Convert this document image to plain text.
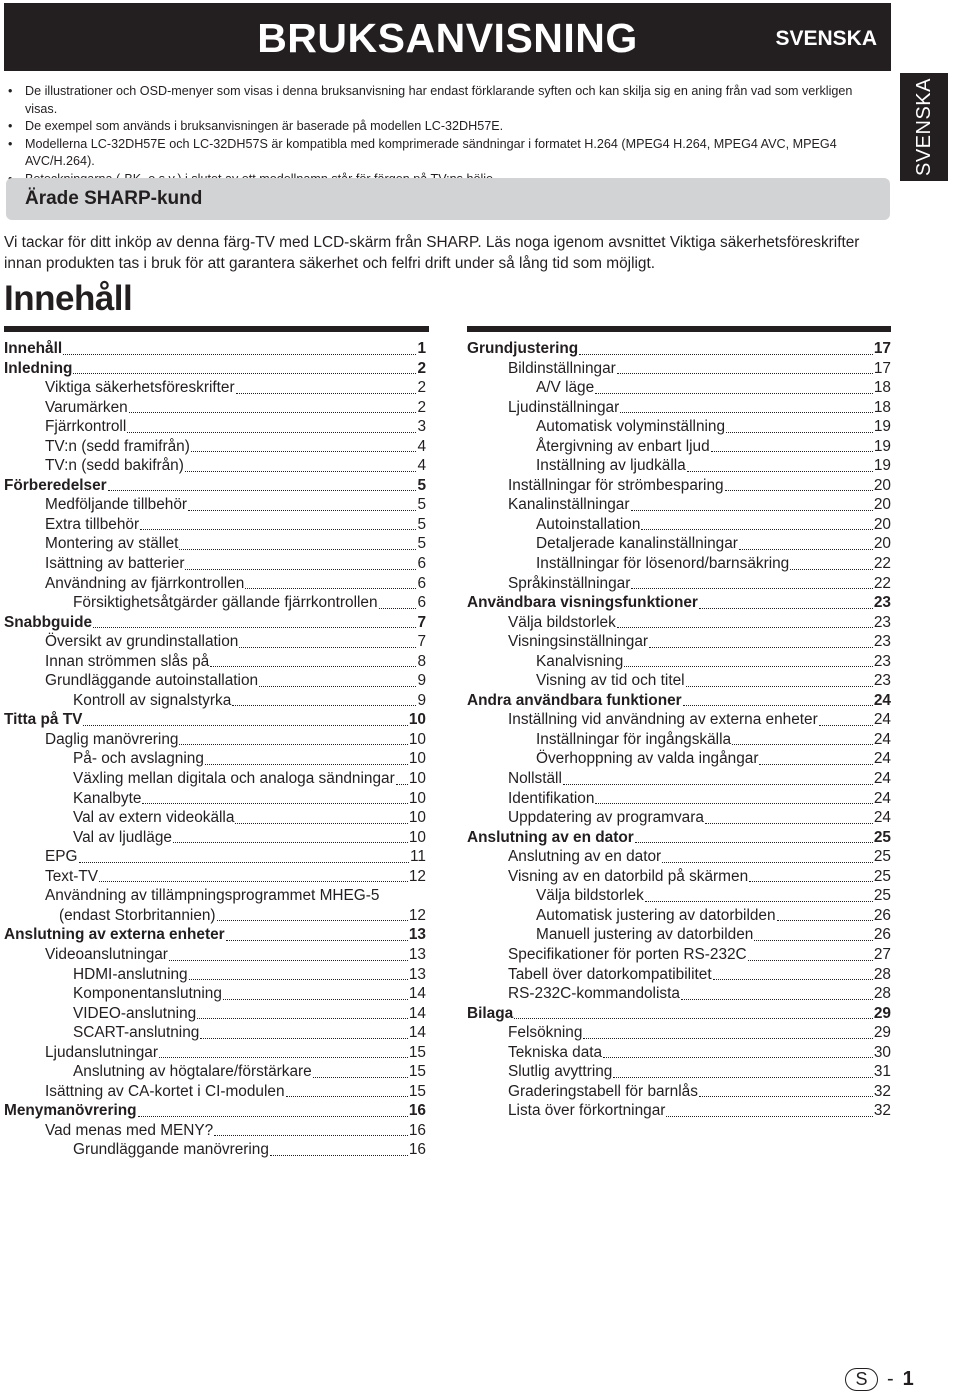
BRUKSANVISNING	SVENSKA
SVENSKA
• De illustrationer och OSD-menyer som visas i denna bruksanvisning har endast förklarande syften och kan skilja sig en aning från vad som verkligen visas.
• De exempel som används i bruksanvisningen är baserade på modellen LC-32DH57E.
• Modellerna LC-32DH57E och LC-32DH57S är kompatibla med komprimerade sändningar i formatet H.264 (MPEG4 H.264, MPEG4 AVC, MPEG4 AVC/H.264).
Ärade SHARP-kund
Vi tackar för ditt inköp av denna färg-TV med LCD-skärm från SHARP. Läs noga igenom avsnittet Viktiga säkerhetsföreskrifter innan produkten tas i bruk för att garantera säkerhet och felfri drift under så lång tid som möjligt.
Innehåll
Innehåll	1
Inledning	2
Viktiga säkerhetsföreskrifter	2
Varumärken	2
Fjärrkontroll	3
TV:n (sedd framifrån)	4
TV:n (sedd bakifrån)	4
Förberedelser	5
Medföljande tillbehör	5
Extra tillbehör	5
Montering av stället	5
Isättning av batterier	6
Användning av fjärrkontrollen	6
Försiktighetsåtgärder gällande fjärrkontrollen	6
Snabbguide	7
Översikt av grundinstallation	7
Innan strömmen slås på	8
Grundläggande autoinstallation	9
Kontroll av signalstyrka	9
Titta på TV	10
Daglig manövrering	10
På- och avslagning	10
Växling mellan digitala och analoga sändningar 10
Kanalbyte	10
Val av extern videokälla	10
Val av ljudläge	10
EPG	11
Text-TV	12
Användning av tillämpningsprogrammet MHEG-5
(endast Storbritannien)	12
Anslutning av externa enheter	13
Videoanslutningar	13
HDMI-anslutning	13
Komponentanslutning	14
VIDEO-anslutning	14
SCART-anslutning	14
Ljudanslutningar	15
Anslutning av högtalare/förstärkare	15
Isättning av CA-kortet i CI-modulen	15
Menymanövrering	16
Vad menas med MENY?	16
Grundläggande manövrering	16
Grundjustering	17
Bildinställningar	17
A/V läge	18
Ljudinställningar	18
Automatisk volyminställning	19
Återgivning av enbart ljud	19
Inställning av ljudkälla	19
Inställningar för strömbesparing	20
Kanalinställningar	20
Autoinstallation	20
Detaljerade kanalinställningar	20
Inställningar för lösenord/barnsäkring	22
Språkinställningar	22
Användbara visningsfunktioner	23
Välja bildstorlek	23
Visningsinställningar	23
Kanalvisning	23
Visning av tid och titel	23
Andra användbara funktioner	24
Inställning vid användning av externa enheter	24
Inställningar för ingångskälla	24
Överhoppning av valda ingångar	24
Nollställ	24
Identifikation	24
Uppdatering av programvara	24
Anslutning av en dator	25
Anslutning av en dator	25
Visning av en datorbild på skärmen	25
Välja bildstorlek	25
Automatisk justering av datorbilden	26
Manuell justering av datorbilden	26
Specifikationer för porten RS-232C	27
Tabell över datorkompatibilitet	28
RS-232C-kommandolista	28
Bilaga	29
Felsökning	29
Tekniska data	30
Slutlig avyttring	31
Graderingstabell för barnlås	32
Lista över förkortningar	32
S - 1
